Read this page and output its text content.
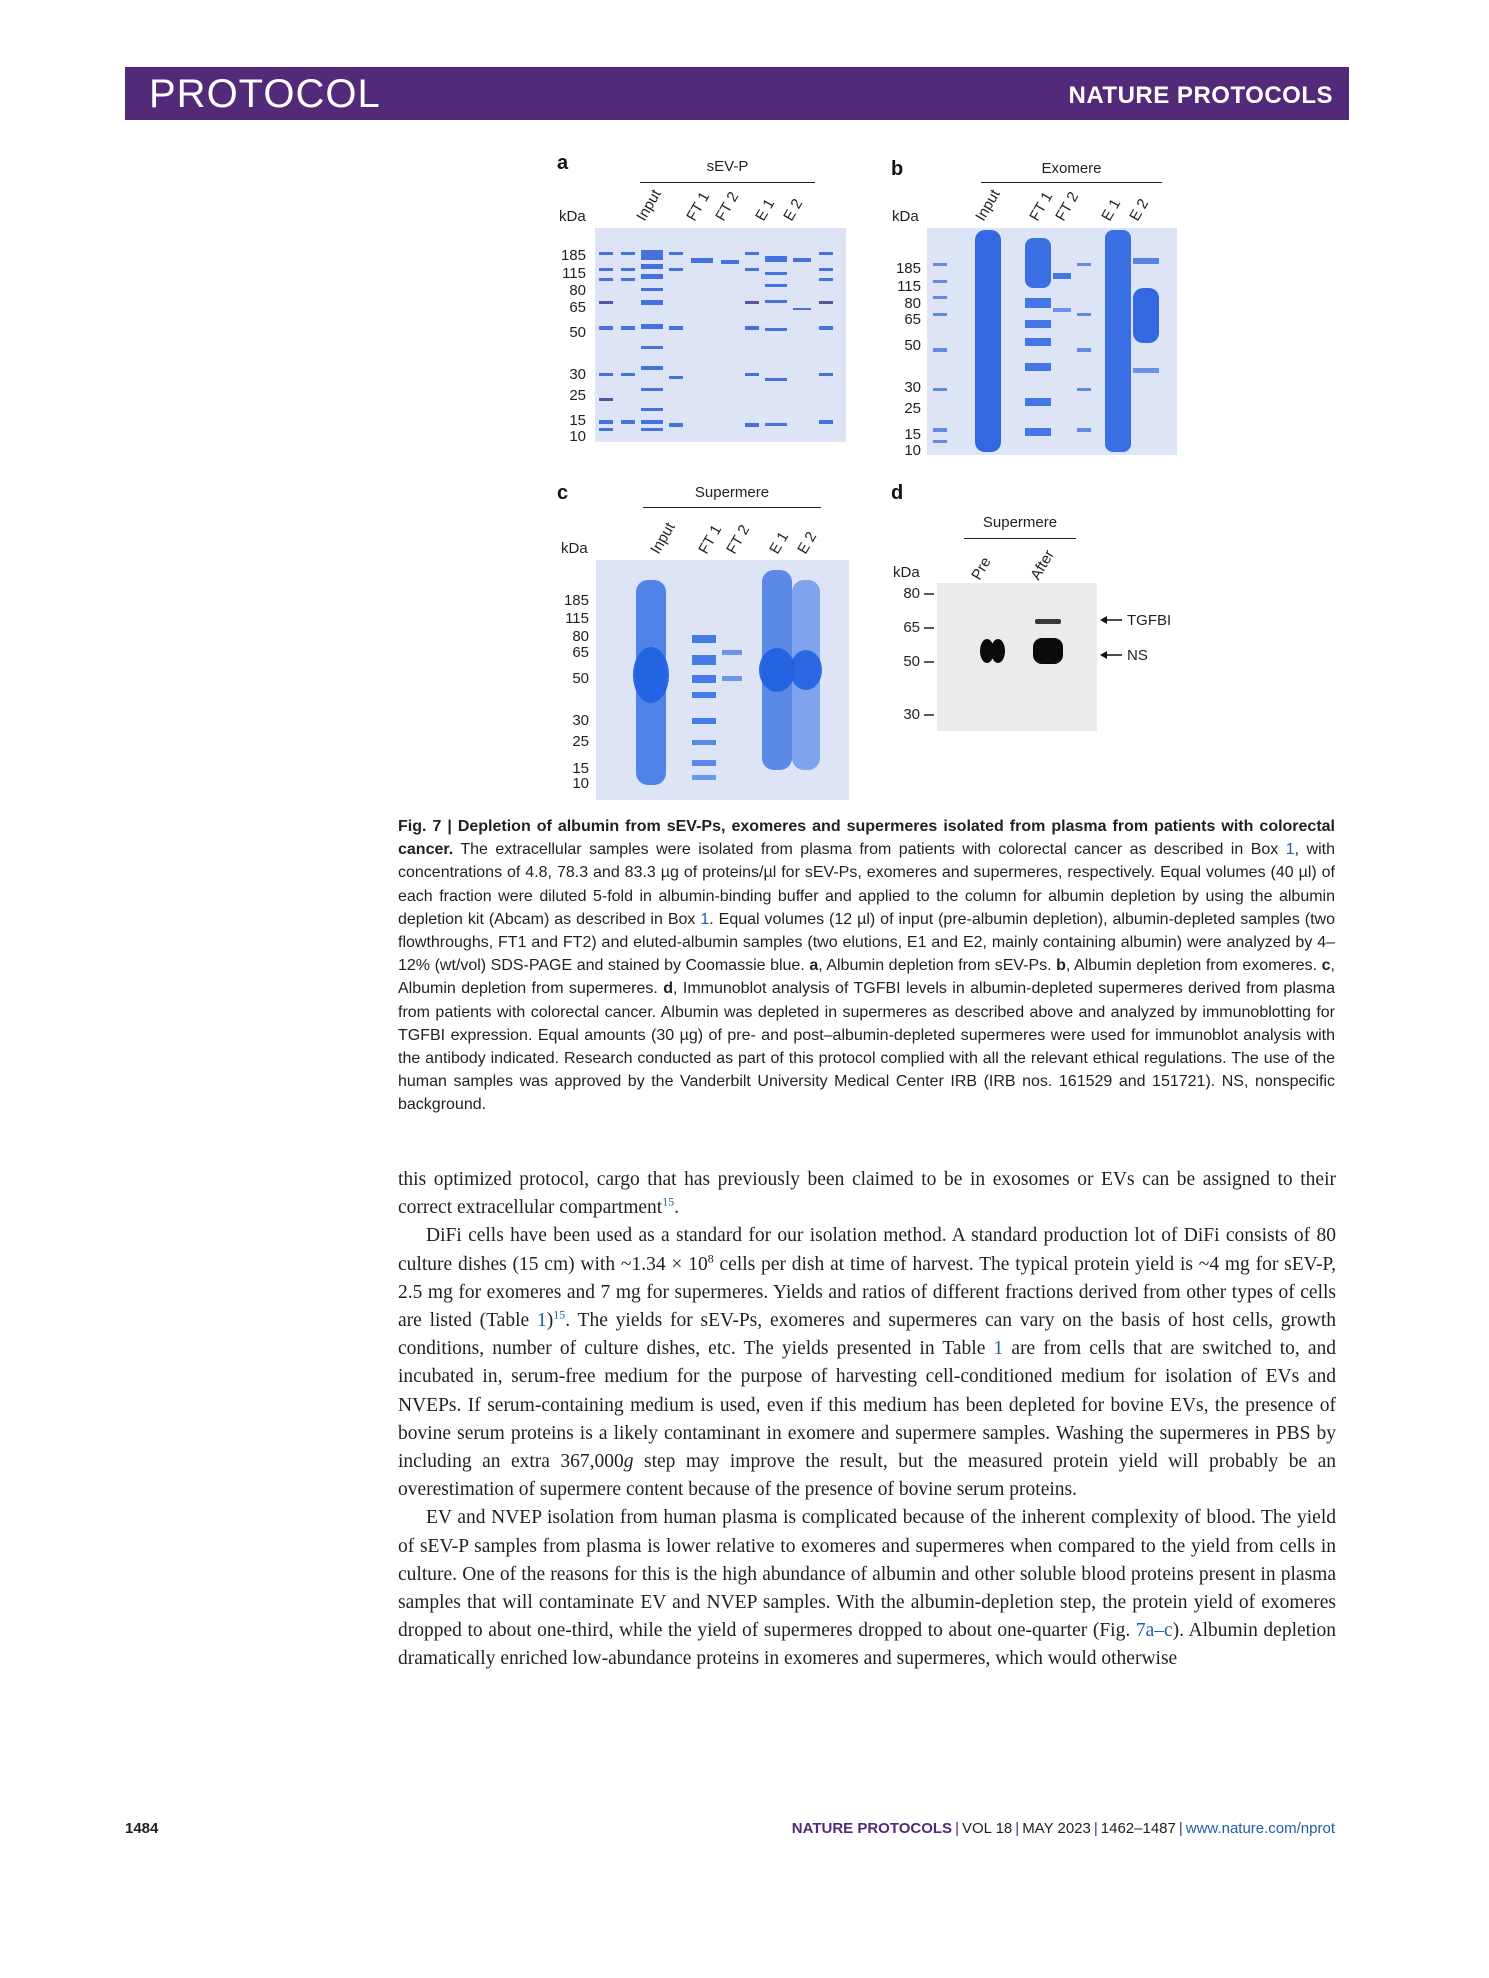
PROTOCOL	NATURE PROTOCOLS
a	sEV-P
Input FT 1
FT 2 E 1 E 2
kDa
185
115
80
65
50
30
25
15
10
b	Exomere
Input FT 1
FT 2 E 1 E 2
kDa
185
115
80
65
50
30
25
15
10
c	Supermere
Input FT 1
FT 2 E 1 E 2
kDa
185
115
80
65
50
30
25
15
10
d
Supermere
Pre After
kDa
80
65
50
30
TGFBI
NS
Fig. 7 | Depletion of albumin from sEV-Ps, exomeres and supermeres isolated from plasma from patients with colorectal cancer. The extracellular samples were isolated from plasma from patients with colorectal cancer as described in Box 1, with concentrations of 4.8, 78.3 and 83.3 µg of proteins/µl for sEV-Ps, exomeres and supermeres, respectively. Equal volumes (40 µl) of each fraction were diluted 5-fold in albumin-binding buffer and applied to the column for albumin depletion by using the albumin depletion kit (Abcam) as described in Box 1. Equal volumes (12 µl) of input (pre-albumin depletion), albumin-depleted samples (two flowthroughs, FT1 and FT2) and eluted-albumin samples (two elutions, E1 and E2, mainly containing albumin) were analyzed by 4–12% (wt/vol) SDS-PAGE and stained by Coomassie blue. a, Albumin depletion from sEV-Ps. b, Albumin depletion from exomeres. c, Albumin depletion from supermeres. d, Immunoblot analysis of TGFBI levels in albumin-depleted supermeres derived from plasma from patients with colorectal cancer. Albumin was depleted in supermeres as described above and analyzed by immunoblotting for TGFBI expression. Equal amounts (30 µg) of pre- and post–albumin-depleted supermeres were used for immunoblot analysis with the antibody indicated. Research conducted as part of this protocol complied with all the relevant ethical regulations. The use of the human samples was approved by the Vanderbilt University Medical Center IRB (IRB nos. 161529 and 151721). NS, nonspecific background.

this optimized protocol, cargo that has previously been claimed to be in exosomes or EVs can be assigned to their correct extracellular compartment$^{15}$.

DiFi cells have been used as a standard for our isolation method. A standard production lot of DiFi consists of 80 culture dishes (15 cm) with ~1.34 × $10^8$ cells per dish at time of harvest. The typical protein yield is ~4 mg for sEV-P, 2.5 mg for exomeres and 7 mg for supermeres. Yields and ratios of different fractions derived from other types of cells are listed (Table 1)$^{15}$. The yields for sEV-Ps, exomeres and supermeres can vary on the basis of host cells, growth conditions, number of culture dishes, etc. The yields presented in Table 1 are from cells that are switched to, and incubated in, serum-free medium for the purpose of harvesting cell-conditioned medium for isolation of EVs and NVEPs. If serum-containing medium is used, even if this medium has been depleted for bovine EVs, the presence of bovine serum proteins is a likely contaminant in exomere and supermere samples. Washing the supermeres in PBS by including an extra 367,000g step may improve the result, but the measured protein yield will probably be an overestimation of supermere content because of the presence of bovine serum proteins.

EV and NVEP isolation from human plasma is complicated because of the inherent complexity of blood. The yield of sEV-P samples from plasma is lower relative to exomeres and supermeres when compared to the yield from cells in culture. One of the reasons for this is the high abundance of albumin and other soluble blood proteins present in plasma samples that will contaminate EV and NVEP samples. With the albumin-depletion step, the protein yield of exomeres dropped to about one-third, while the yield of supermeres dropped to about one-quarter (Fig. 7a–c). Albumin depletion dramatically enriched low-abundance proteins in exomeres and supermeres, which would otherwise

1484	NATURE PROTOCOLS | VOL 18 | MAY 2023 | 1462–1487 | www.nature.com/nprot
